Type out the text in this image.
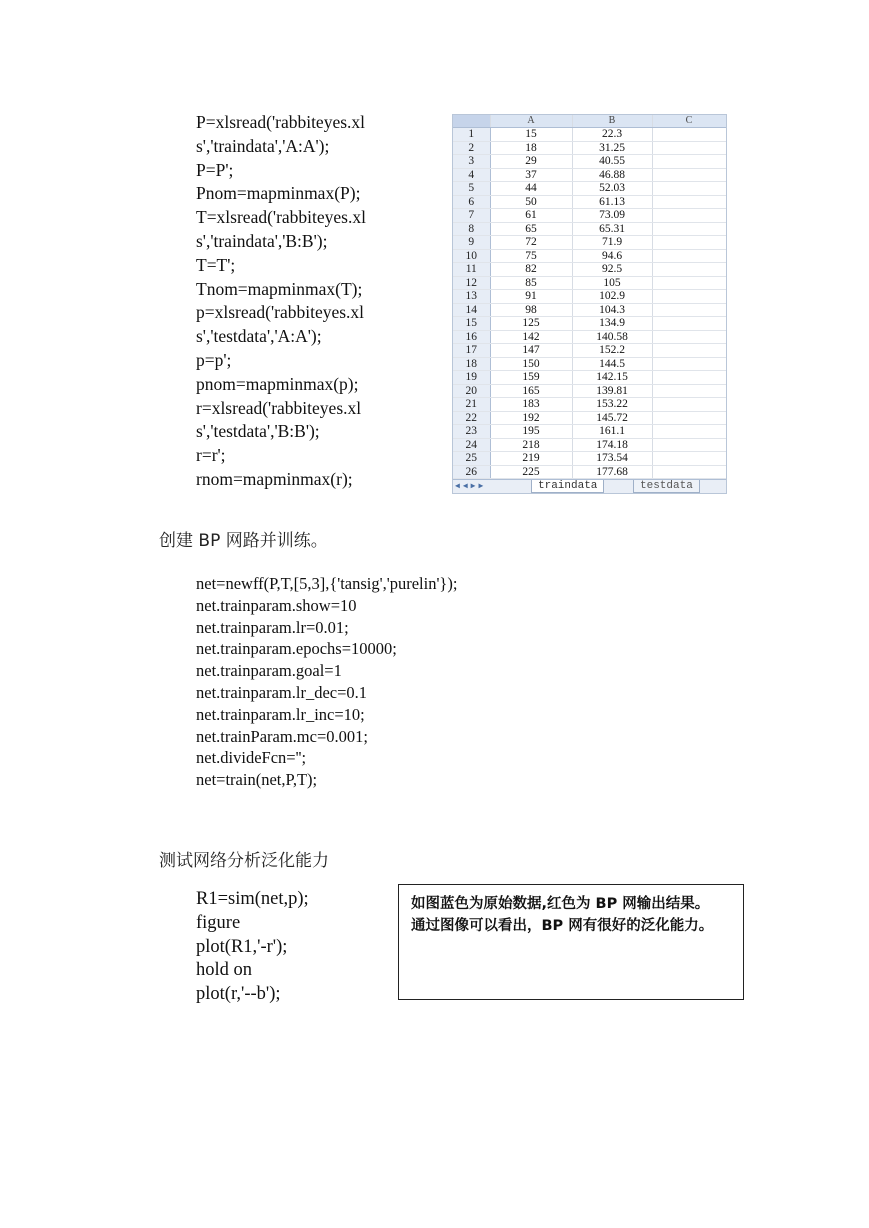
P=xlsread('rabbiteyes.xl
s','traindata','A:A');
P=P';
Pnom=mapminmax(P);
T=xlsread('rabbiteyes.xl
s','traindata','B:B');
T=T';
Tnom=mapminmax(T);
p=xlsread('rabbiteyes.xl
s','testdata','A:A');
p=p';
pnom=mapminmax(p);
r=xlsread('rabbiteyes.xl
s','testdata','B:B');
r=r';
rnom=mapminmax(r);
	A	B	C
1	15	22.3	
2	18	31.25	
3	29	40.55	
4	37	46.88	
5	44	52.03	
6	50	61.13	
7	61	73.09	
8	65	65.31	
9	72	71.9	
10	75	94.6	
11	82	92.5	
12	85	105	
13	91	102.9	
14	98	104.3	
15	125	134.9	
16	142	140.58	
17	147	152.2	
18	150	144.5	
19	159	142.15	
20	165	139.81	
21	183	153.22	
22	192	145.72	
23	195	161.1	
24	218	174.18	
25	219	173.54	
26	225	177.68	
◀◀▶▶	traindata	testdata
创建 BP 网路并训练。
net=newff(P,T,[5,3],{'tansig','purelin'});
net.trainparam.show=10
net.trainparam.lr=0.01;
net.trainparam.epochs=10000;
net.trainparam.goal=1
net.trainparam.lr_dec=0.1
net.trainparam.lr_inc=10;
net.trainParam.mc=0.001;
net.divideFcn='';
net=train(net,P,T);
测试网络分析泛化能力
R1=sim(net,p);
figure
plot(R1,'-r');
hold on
plot(r,'--b');

如图蓝色为原始数据,红色为 BP 网输出结果。

通过图像可以看出，BP 网有很好的泛化能力。
